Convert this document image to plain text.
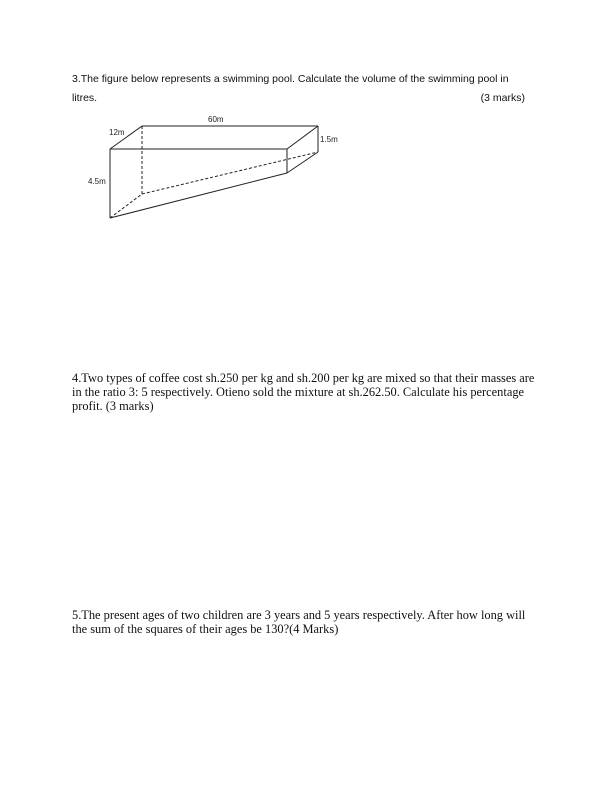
3.The figure below represents a swimming pool. Calculate the volume of the swimming pool in
litres.	(3 marks)
60m
12m
4.5m
1.5m
4.Two types of coffee cost sh.250 per kg and sh.200 per kg are mixed so that their masses are in the ratio 3: 5 respectively. Otieno sold the mixture at sh.262.50. Calculate his percentage profit. (3 marks)
5.The present ages of two children are 3 years and 5 years respectively. After how long will the sum of the squares of their ages be 130?(4 Marks)
